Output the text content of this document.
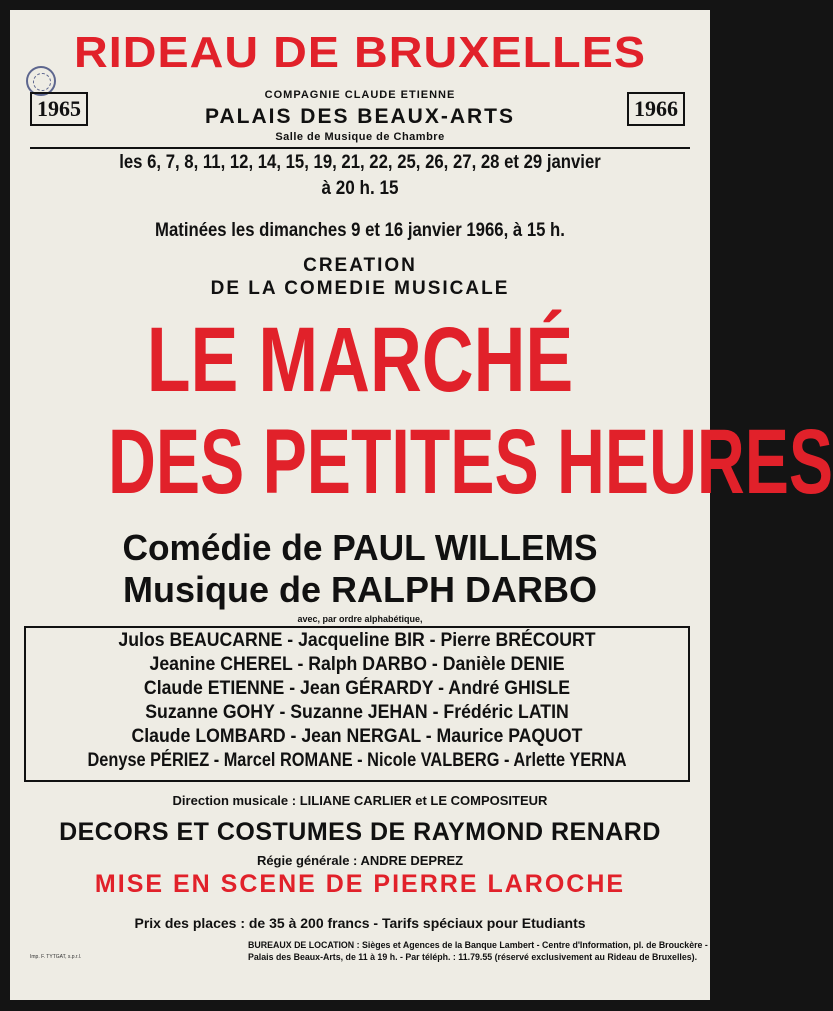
RIDEAU DE BRUXELLES
1965	1966
COMPAGNIE CLAUDE ETIENNE
PALAIS DES BEAUX-ARTS
Salle de Musique de Chambre
les 6, 7, 8, 11, 12, 14, 15, 19, 21, 22, 25, 26, 27, 28 et 29 janvier
à 20 h. 15
Matinées les dimanches 9 et 16 janvier 1966, à 15 h.
CREATION
DE LA COMEDIE MUSICALE
LE MARCHÉ
DES PETITES HEURES
Comédie de PAUL WILLEMS
Musique de RALPH DARBO
avec, par ordre alphabétique,
Julos BEAUCARNE - Jacqueline BIR - Pierre BRÉCOURT
Jeanine CHEREL - Ralph DARBO - Danièle DENIE
Claude ETIENNE - Jean GÉRARDY - André GHISLE
Suzanne GOHY - Suzanne JEHAN - Frédéric LATIN
Claude LOMBARD - Jean NERGAL - Maurice PAQUOT
Denyse PÉRIEZ - Marcel ROMANE - Nicole VALBERG - Arlette YERNA
Direction musicale : LILIANE CARLIER et LE COMPOSITEUR
DECORS ET COSTUMES DE RAYMOND RENARD
Régie générale : ANDRE DEPREZ
MISE EN SCENE DE PIERRE LAROCHE
Prix des places : de 35 à 200 francs - Tarifs spéciaux pour Etudiants
Imp. F. TYTGAT, s.p.r.l.
BUREAUX DE LOCATION : Sièges et Agences de la Banque Lambert - Centre d'Information, pl. de Brouckère -
Palais des Beaux-Arts, de 11 à 19 h. - Par téléph. : 11.79.55 (réservé exclusivement au Rideau de Bruxelles).
